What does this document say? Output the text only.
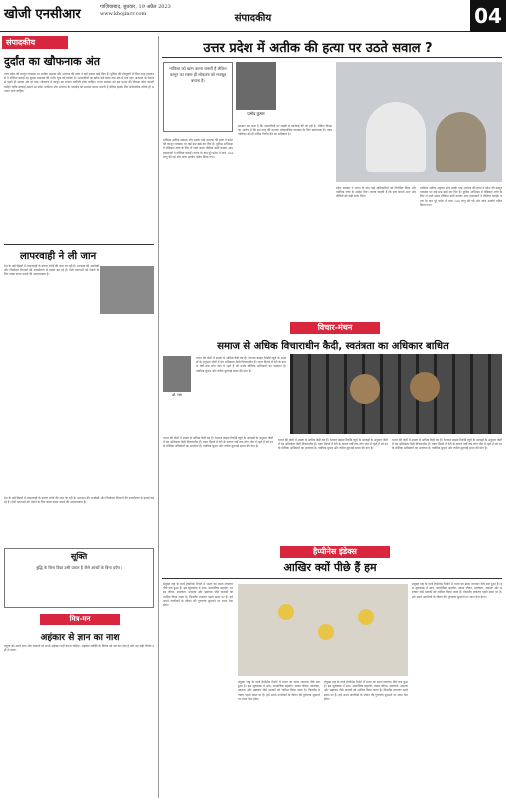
खोजी एनसीआर	गाज़ियाबाद, बुधवार, 19 अप्रैल 2023
www.khojincr.com	संपादकीय	04
संपादकीय
दुर्दांत का खौफनाक अंत
उत्तर प्रदेश की कानून व्यवस्था पर अतीक अहमद और अशरफ की हत्या ने कई सवाल खड़े किए हैं। पुलिस की मौजूदगी में जिस तरह हमलावरों ने गोलियां चलाईं वह सुरक्षा व्यवस्था की गंभीर चूक को दर्शाता है। अपराधियों का खौफ लंबे समय तक क्षेत्र में बना रहा। अदालत के फैसले से पहले ही उसका अंत हो गया। लोकतंत्र में कानून का शासन सर्वोपरि होना चाहिए। राज्य सरकार को इस घटना की निष्पक्ष जांच करानी चाहिए ताकि सच्चाई सामने आ सके। माफिया और अपराध के गठजोड़ को समाप्त करना जरूरी है लेकिन इसके लिए संवैधानिक तरीके ही अपनाए जाने चाहिए।
लापरवाही ने ली जान
देश के कई हिस्सों में लापरवाही के कारण लोगों की जान जा रही है। प्रशासन की अनदेखी और जिम्मेदार विभागों की उदासीनता से हादसे बढ़ रहे हैं। ऐसी घटनाओं को रोकने के लिए सख्त कदम उठाने की आवश्यकता है।
देश के कई हिस्सों में लापरवाही के कारण लोगों की जान जा रही है। प्रशासन की अनदेखी और जिम्मेदार विभागों की उदासीनता से हादसे बढ़ रहे हैं। ऐसी घटनाओं को रोकने के लिए सख्त कदम उठाने की आवश्यकता है।
सूक्ति
बुद्धि के बिना विद्या उसी प्रकार है जैसे आंखों के बिना दर्पण।
मित्र-मन
अहंकार से ज्ञान का नाश
मनुष्य को अपने ज्ञान और सामर्थ्य पर कभी अहंकार नहीं करना चाहिए। अहंकार व्यक्ति के विवेक को नष्ट कर देता है और वह सही निर्णय नहीं ले पाता।
उत्तर प्रदेश में अतीक की हत्या पर उठते सवाल ?
माफिया को खत्म करना जरूरी है लेकिन कानून का रास्ता ही लोकतंत्र को मजबूत बनाता है।
प्रमोद कुमार
माफिया अतीक अहमद और उसके भाई अशरफ की हत्या ने प्रदेश की कानून व्यवस्था पर कई प्रश्न खड़े कर दिए हैं। पुलिस अभिरक्षा में मेडिकल जांच के लिए ले जाते समय मीडिया कर्मी बनकर आए हमलावरों ने गोलियां चलाईं। घटना के बाद पूरे प्रदेश में धारा 144 लागू की गई और जांच आयोग गठित किया गया।
सरकार का दावा है कि अपराधियों पर सख्ती से कार्रवाई की जा रही है, लेकिन विपक्ष का आरोप है कि इस तरह की घटनाएं लोकतांत्रिक व्यवस्था के लिए खतरनाक हैं। न्यायपालिका को ही अंतिम निर्णय देने का अधिकार है।
प्रदेश सरकार ने घटना के बाद कई अधिकारियों को निलंबित किया और न्यायिक जांच के आदेश दिए। जनता चाहती है कि सच सामने आए और दोषियों को कड़ी सजा मिले।
माफिया अतीक अहमद और उसके भाई अशरफ की हत्या ने प्रदेश की कानून व्यवस्था पर कई प्रश्न खड़े कर दिए हैं। पुलिस अभिरक्षा में मेडिकल जांच के लिए ले जाते समय मीडिया कर्मी बनकर आए हमलावरों ने गोलियां चलाईं। घटना के बाद पूरे प्रदेश में धारा 144 लागू की गई और जांच आयोग गठित किया गया।
विचार-मंथन
समाज से अधिक विचाराधीन कैदी, स्वतंत्रता का अधिकार बाधित
डॉ. राम
भारत की जेलों में क्षमता से अधिक कैदी बंद हैं। नेशनल क्राइम रिकॉर्ड ब्यूरो के आंकड़ों के अनुसार जेलों में बंद अधिकतर कैदी विचाराधीन हैं। न्याय मिलने में देरी के कारण वर्षों तक लोग जेल में रहते हैं जो उनके मौलिक अधिकारों का उल्लंघन है। न्यायिक सुधार और त्वरित सुनवाई समय की मांग है।
भारत की जेलों में क्षमता से अधिक कैदी बंद हैं। नेशनल क्राइम रिकॉर्ड ब्यूरो के आंकड़ों के अनुसार जेलों में बंद अधिकतर कैदी विचाराधीन हैं। न्याय मिलने में देरी के कारण वर्षों तक लोग जेल में रहते हैं जो उनके मौलिक अधिकारों का उल्लंघन है। न्यायिक सुधार और त्वरित सुनवाई समय की मांग है।
भारत की जेलों में क्षमता से अधिक कैदी बंद हैं। नेशनल क्राइम रिकॉर्ड ब्यूरो के आंकड़ों के अनुसार जेलों में बंद अधिकतर कैदी विचाराधीन हैं। न्याय मिलने में देरी के कारण वर्षों तक लोग जेल में रहते हैं जो उनके मौलिक अधिकारों का उल्लंघन है। न्यायिक सुधार और त्वरित सुनवाई समय की मांग है।
भारत की जेलों में क्षमता से अधिक कैदी बंद हैं। नेशनल क्राइम रिकॉर्ड ब्यूरो के आंकड़ों के अनुसार जेलों में बंद अधिकतर कैदी विचाराधीन हैं। न्याय मिलने में देरी के कारण वर्षों तक लोग जेल में रहते हैं जो उनके मौलिक अधिकारों का उल्लंघन है। न्यायिक सुधार और त्वरित सुनवाई समय की मांग है।
हैप्पीनेस इंडेक्स
आखिर क्यों पीछे हैं हम
संयुक्त राष्ट्र के वर्ल्ड हैप्पीनेस रिपोर्ट में भारत का स्थान लगातार नीचे बना हुआ है। इस सूचकांक में आय, सामाजिक सहयोग, स्वस्थ जीवन, स्वतंत्रता, उदारता और भ्रष्टाचार जैसे मानकों को शामिल किया जाता है। फिनलैंड लगातार पहले स्थान पर है। हमें अपने नागरिकों के जीवन की गुणवत्ता सुधारने पर ध्यान देना होगा।
संयुक्त राष्ट्र के वर्ल्ड हैप्पीनेस रिपोर्ट में भारत का स्थान लगातार नीचे बना हुआ है। इस सूचकांक में आय, सामाजिक सहयोग, स्वस्थ जीवन, स्वतंत्रता, उदारता और भ्रष्टाचार जैसे मानकों को शामिल किया जाता है। फिनलैंड लगातार पहले स्थान पर है। हमें अपने नागरिकों के जीवन की गुणवत्ता सुधारने पर ध्यान देना होगा।
संयुक्त राष्ट्र के वर्ल्ड हैप्पीनेस रिपोर्ट में भारत का स्थान लगातार नीचे बना हुआ है। इस सूचकांक में आय, सामाजिक सहयोग, स्वस्थ जीवन, स्वतंत्रता, उदारता और भ्रष्टाचार जैसे मानकों को शामिल किया जाता है। फिनलैंड लगातार पहले स्थान पर है। हमें अपने नागरिकों के जीवन की गुणवत्ता सुधारने पर ध्यान देना होगा।
संयुक्त राष्ट्र के वर्ल्ड हैप्पीनेस रिपोर्ट में भारत का स्थान लगातार नीचे बना हुआ है। इस सूचकांक में आय, सामाजिक सहयोग, स्वस्थ जीवन, स्वतंत्रता, उदारता और भ्रष्टाचार जैसे मानकों को शामिल किया जाता है। फिनलैंड लगातार पहले स्थान पर है। हमें अपने नागरिकों के जीवन की गुणवत्ता सुधारने पर ध्यान देना होगा।
